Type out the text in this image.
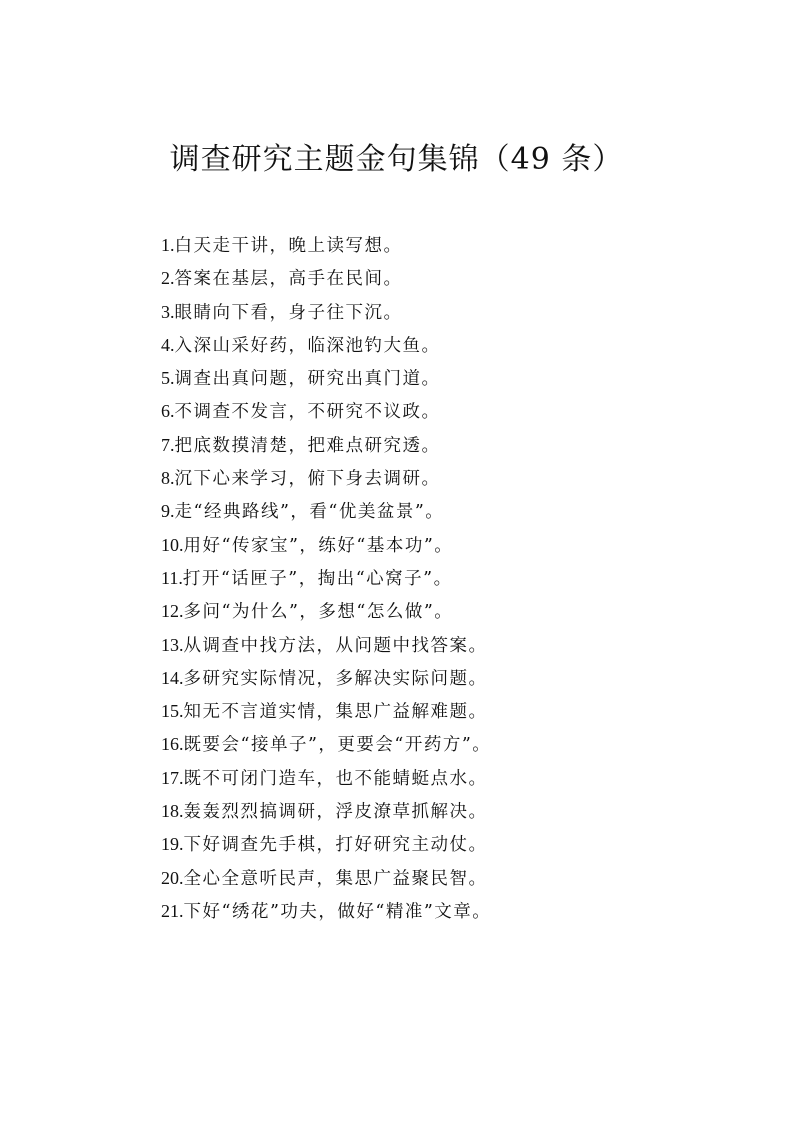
调查研究主题金句集锦（49 条）
1.白天走干讲，晚上读写想。
2.答案在基层，高手在民间。
3.眼睛向下看，身子往下沉。
4.入深山采好药，临深池钓大鱼。
5.调查出真问题，研究出真门道。
6.不调查不发言，不研究不议政。
7.把底数摸清楚，把难点研究透。
8.沉下心来学习，俯下身去调研。
9.走“经典路线”，看“优美盆景”。
10.用好“传家宝”，练好“基本功”。
11.打开“话匣子”，掏出“心窝子”。
12.多问“为什么”，多想“怎么做”。
13.从调查中找方法，从问题中找答案。
14.多研究实际情况，多解决实际问题。
15.知无不言道实情，集思广益解难题。
16.既要会“接单子”，更要会“开药方”。
17.既不可闭门造车，也不能蜻蜓点水。
18.轰轰烈烈搞调研，浮皮潦草抓解决。
19.下好调查先手棋，打好研究主动仗。
20.全心全意听民声，集思广益聚民智。
21.下好“绣花”功夫，做好“精准”文章。
